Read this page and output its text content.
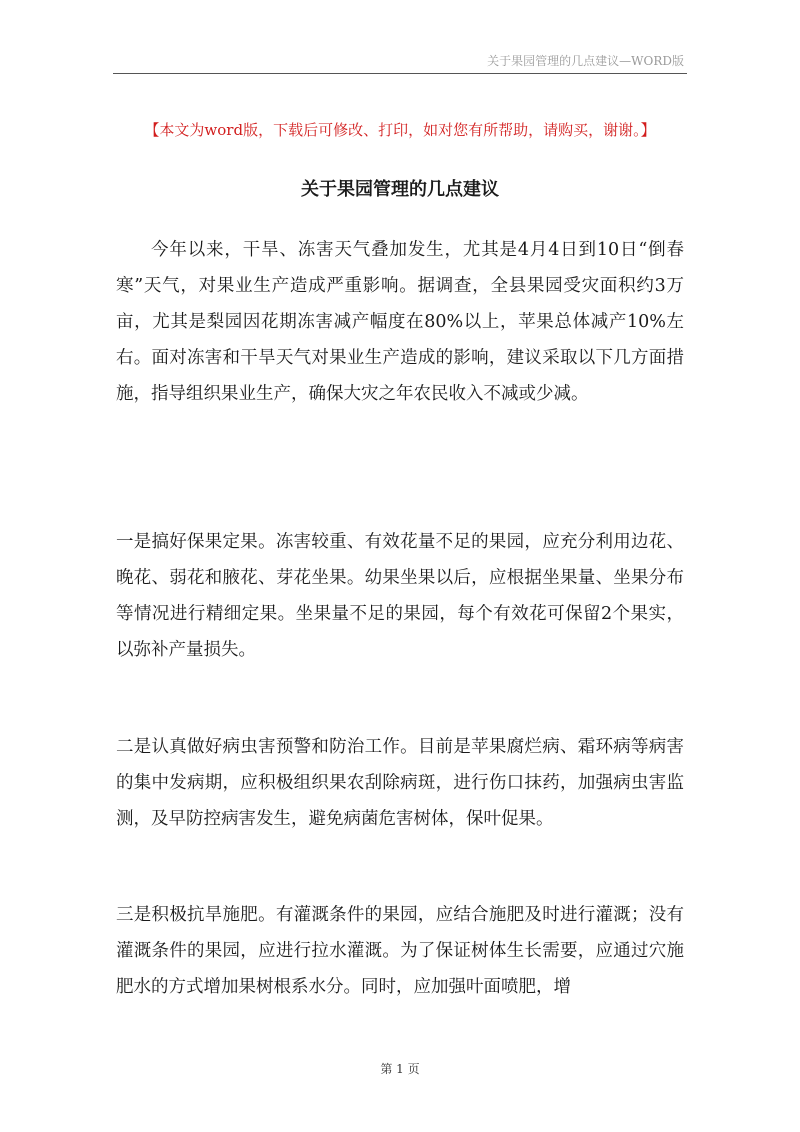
关于果园管理的几点建议—WORD版
【本文为word版，下载后可修改、打印，如对您有所帮助，请购买，谢谢。】
关于果园管理的几点建议

今年以来，干旱、冻害天气叠加发生，尤其是4月4日到10日“倒春寒”天气，对果业生产造成严重影响。据调查，全县果园受灾面积约3万亩，尤其是梨园因花期冻害减产幅度在80%以上，苹果总体减产10%左右。面对冻害和干旱天气对果业生产造成的影响，建议采取以下几方面措施，指导组织果业生产，确保大灾之年农民收入不减或少减。

一是搞好保果定果。冻害较重、有效花量不足的果园，应充分利用边花、晚花、弱花和腋花、芽花坐果。幼果坐果以后，应根据坐果量、坐果分布等情况进行精细定果。坐果量不足的果园，每个有效花可保留2个果实，以弥补产量损失。

二是认真做好病虫害预警和防治工作。目前是苹果腐烂病、霜环病等病害的集中发病期，应积极组织果农刮除病斑，进行伤口抹药，加强病虫害监测，及早防控病害发生，避免病菌危害树体，保叶促果。

三是积极抗旱施肥。有灌溉条件的果园，应结合施肥及时进行灌溉；没有灌溉条件的果园，应进行拉水灌溉。为了保证树体生长需要，应通过穴施肥水的方式增加果树根系水分。同时，应加强叶面喷肥，增

第 1 页
